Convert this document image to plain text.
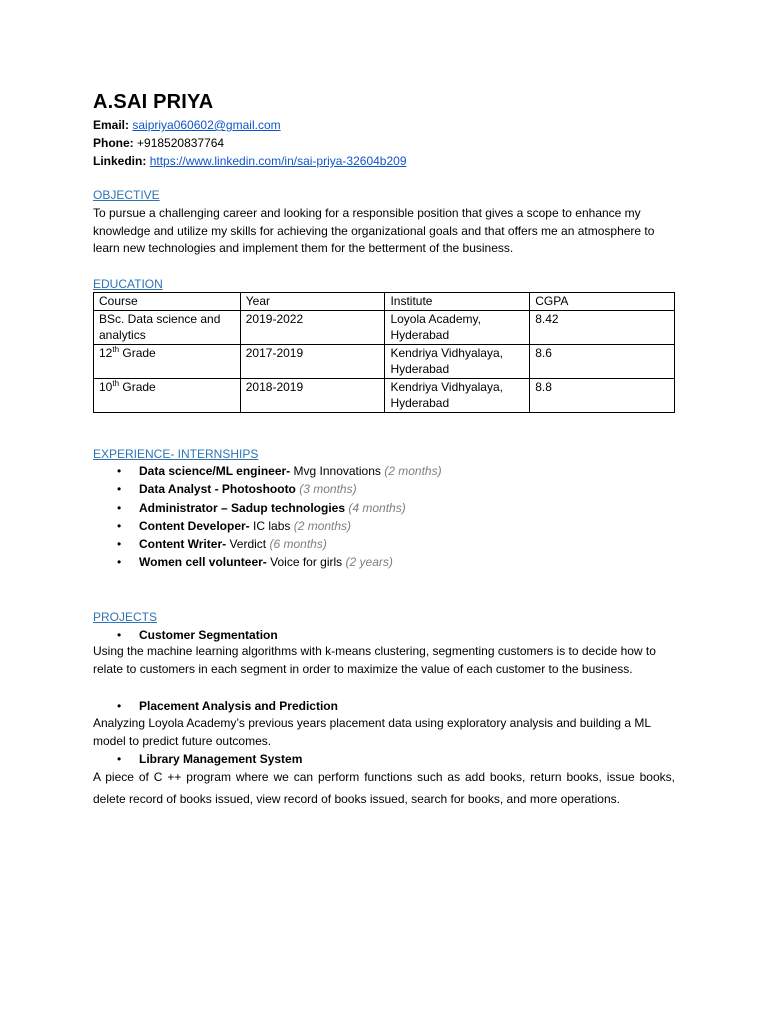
A.SAI PRIYA
Email: saipriya060602@gmail.com
Phone: +918520837764
Linkedin: https://www.linkedin.com/in/sai-priya-32604b209
OBJECTIVE
To pursue a challenging career and looking for a responsible position that gives a scope to enhance my knowledge and utilize my skills for achieving the organizational goals and that offers me an atmosphere to learn new technologies and implement them for the betterment of the business.
EDUCATION
Course	Year	Institute	CGPA
BSc. Data science and analytics	2019-2022	Loyola Academy, Hyderabad	8.42
12th Grade	2017-2019	Kendriya Vidhyalaya, Hyderabad	8.6
10th Grade	2018-2019	Kendriya Vidhyalaya, Hyderabad	8.8
EXPERIENCE- INTERNSHIPS
• Data science/ML engineer- Mvg Innovations (2 months)
• Data Analyst - Photoshooto (3 months)
• Administrator – Sadup technologies (4 months)
• Content Developer- IC labs (2 months)
• Content Writer- Verdict (6 months)
• Women cell volunteer- Voice for girls (2 years)
PROJECTS
• Customer Segmentation
Using the machine learning algorithms with k-means clustering, segmenting customers is to decide how to relate to customers in each segment in order to maximize the value of each customer to the business.
• Placement Analysis and Prediction
Analyzing Loyola Academy’s previous years placement data using exploratory analysis and building a ML model to predict future outcomes.
• Library Management System
A piece of C ++ program where we can perform functions such as add books, return books, issue books, delete record of books issued, view record of books issued, search for books, and more operations.
